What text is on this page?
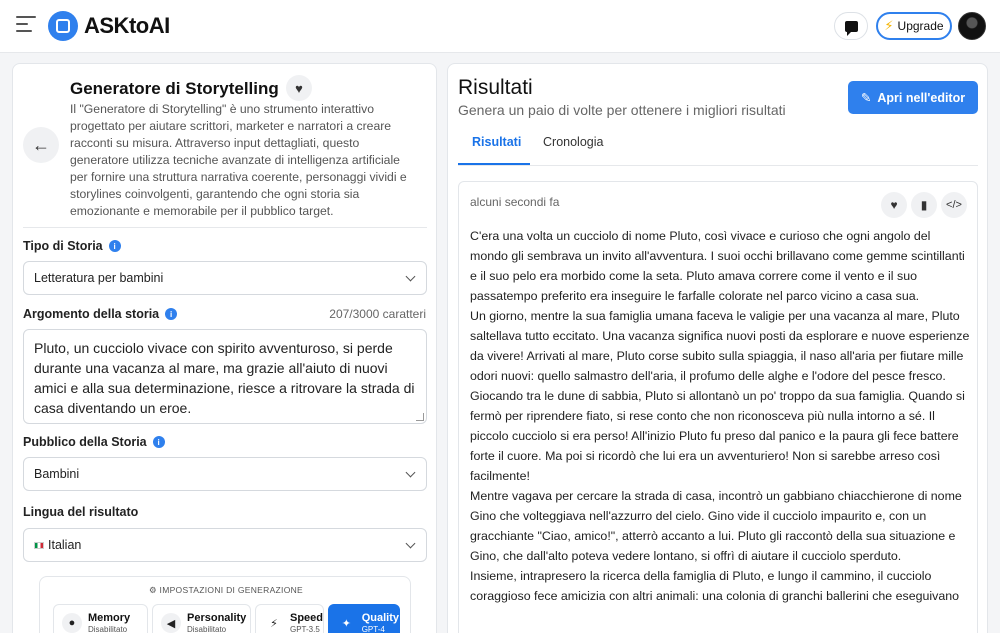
ASKtoAI	⚡ Upgrade
←
Generatore di Storytelling ♥
Il "Generatore di Storytelling" è uno strumento interattivo progettato per aiutare scrittori, marketer e narratori a creare racconti su misura. Attraverso input dettagliati, questo generatore utilizza tecniche avanzate di intelligenza artificiale per fornire una struttura narrativa coerente, personaggi vividi e storylines coinvolgenti, garantendo che ogni storia sia emozionante e memorabile per il pubblico target.
Tipo di Storia	i
Letteratura per bambini
Argomento della storia	i	207/3000 caratteri
Pluto, un cucciolo vivace con spirito avventuroso, si perde durante una vacanza al mare, ma grazie all'aiuto di nuovi amici e alla sua determinazione, riesce a ritrovare la strada di casa diventando un eroe.
Pubblico della Storia	i
Bambini
Lingua del risultato
Italian
⚙ IMPOSTAZIONI DI GENERAZIONE
●	Memory
Disabilitato	◀	Personality
Disabilitato	⚡	Speed
GPT-3.5	✦ Quality
GPT-4
Risultati
Genera un paio di volte per ottenere i migliori risultati
✎ Apri nell'editor
Risultati Cronologia
alcuni secondi fa	♥ ▮ </>
C'era una volta un cucciolo di nome Pluto, così vivace e curioso che ogni angolo del mondo gli sembrava un invito all'avventura. I suoi occhi brillavano come gemme scintillanti e il suo pelo era morbido come la seta. Pluto amava correre come il vento e il suo passatempo preferito era inseguire le farfalle colorate nel parco vicino a casa sua.
Un giorno, mentre la sua famiglia umana faceva le valigie per una vacanza al mare, Pluto saltellava tutto eccitato. Una vacanza significa nuovi posti da esplorare e nuove esperienze da vivere! Arrivati al mare, Pluto corse subito sulla spiaggia, il naso all'aria per fiutare mille odori nuovi: quello salmastro dell'aria, il profumo delle alghe e l'odore del pesce fresco.
Giocando tra le dune di sabbia, Pluto si allontanò un po' troppo da sua famiglia. Quando si fermò per riprendere fiato, si rese conto che non riconosceva più nulla intorno a sé. Il piccolo cucciolo si era perso! All'inizio Pluto fu preso dal panico e la paura gli fece battere forte il cuore. Ma poi si ricordò che lui era un avventuriero! Non si sarebbe arreso così facilmente!
Mentre vagava per cercare la strada di casa, incontrò un gabbiano chiacchierone di nome Gino che volteggiava nell'azzurro del cielo. Gino vide il cucciolo impaurito e, con un gracchiante "Ciao, amico!", atterrò accanto a lui. Pluto gli raccontò della sua situazione e Gino, che dall'alto poteva vedere lontano, si offrì di aiutare il cucciolo sperduto.
Insieme, intrapresero la ricerca della famiglia di Pluto, e lungo il cammino, il cucciolo coraggioso fece amicizia con altri animali: una colonia di granchi ballerini che eseguivano
